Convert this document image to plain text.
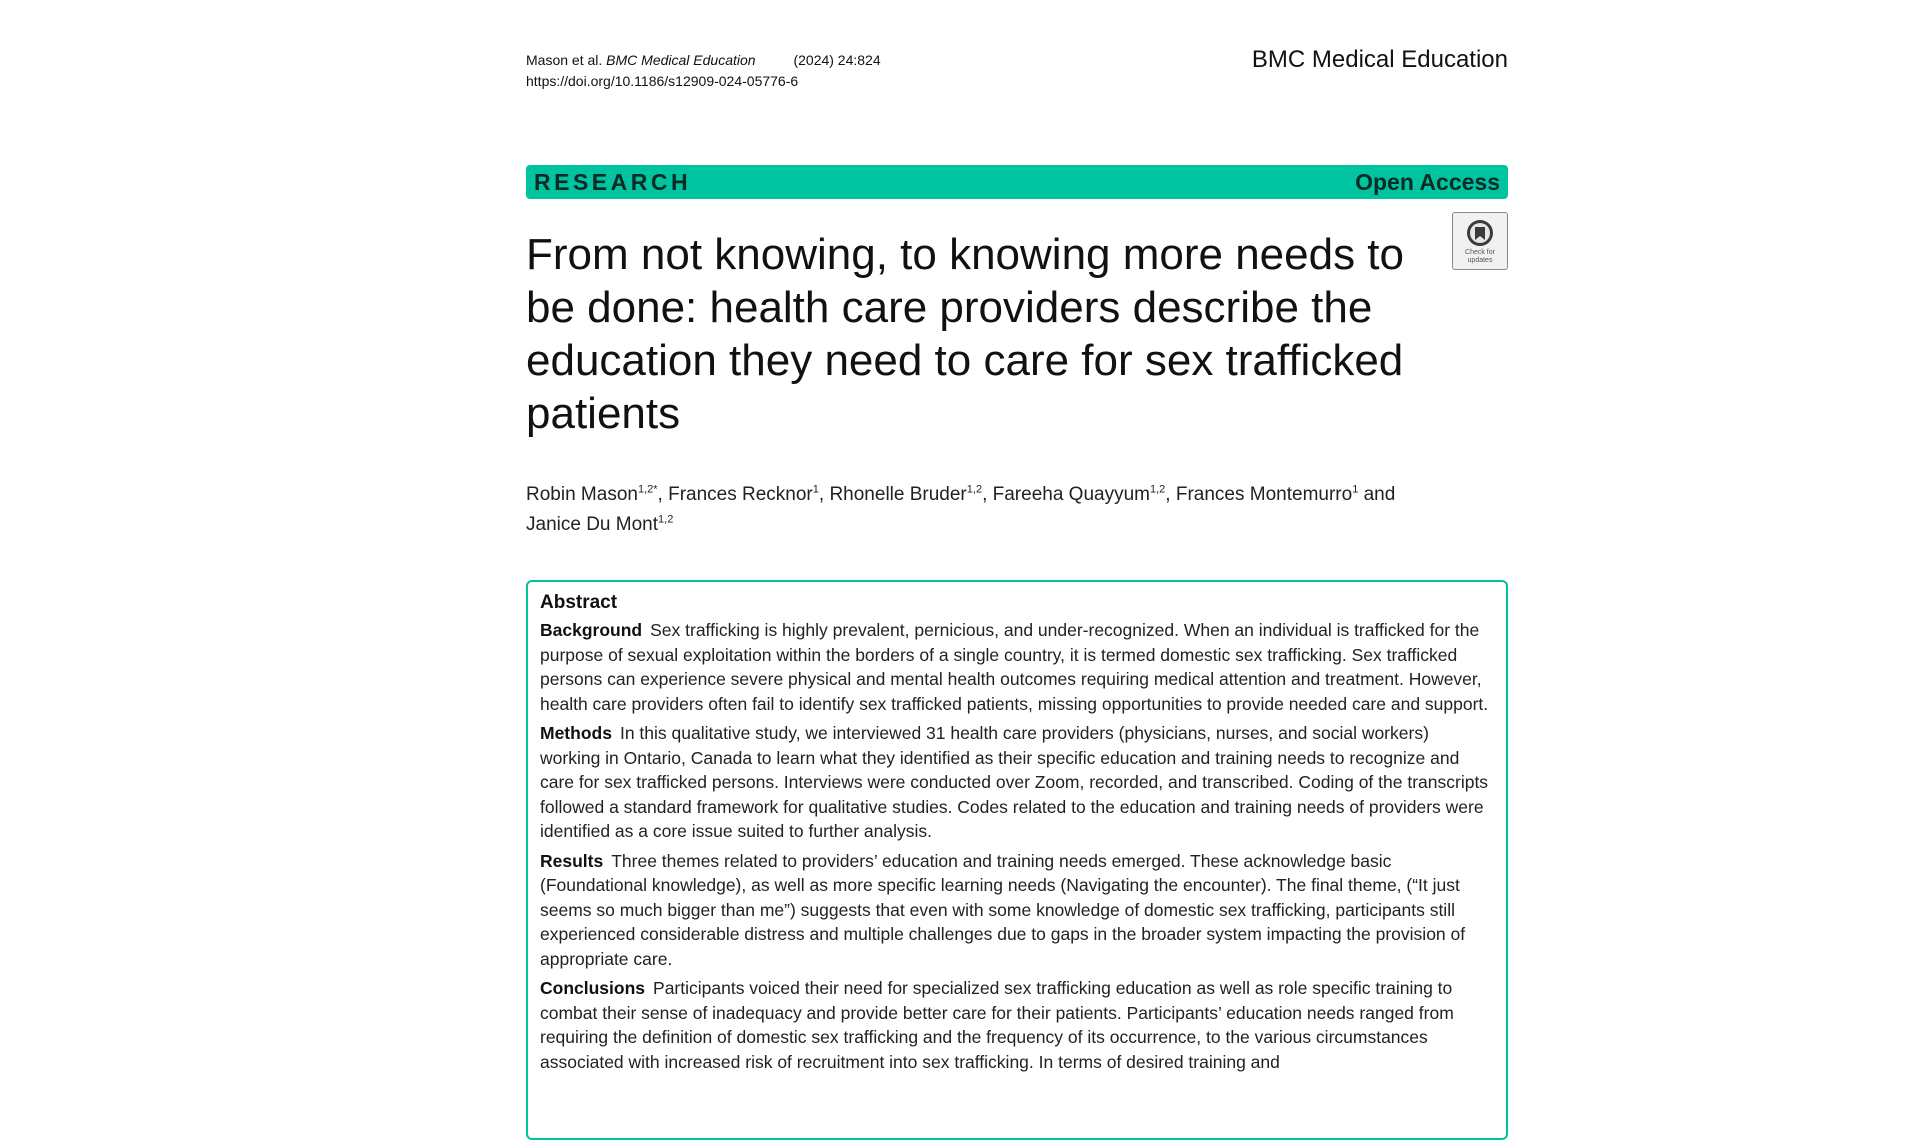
Mason et al. BMC Medical Education	(2024) 24:824
https://doi.org/10.1186/s12909-024-05776-6
BMC Medical Education
RESEARCH	Open Access
Check for
updates
From not knowing, to knowing more needs to be done: health care providers describe the education they need to care for sex trafficked patients
Robin Mason$^{1,2*}$, Frances Recknor$^1$, Rhonelle Bruder$^{1,2}$, Fareeha Quayyum$^{1,2}$, Frances Montemurro$^1$ and Janice Du Mont$^{1,2}$
Abstract

Background Sex trafficking is highly prevalent, pernicious, and under-recognized. When an individual is trafficked for the purpose of sexual exploitation within the borders of a single country, it is termed domestic sex trafficking. Sex trafficked persons can experience severe physical and mental health outcomes requiring medical attention and treatment. However, health care providers often fail to identify sex trafficked patients, missing opportunities to provide needed care and support.

Methods In this qualitative study, we interviewed 31 health care providers (physicians, nurses, and social workers) working in Ontario, Canada to learn what they identified as their specific education and training needs to recognize and care for sex trafficked persons. Interviews were conducted over Zoom, recorded, and transcribed. Coding of the transcripts followed a standard framework for qualitative studies. Codes related to the education and training needs of providers were identified as a core issue suited to further analysis.

Results Three themes related to providers’ education and training needs emerged. These acknowledge basic (Foundational knowledge), as well as more specific learning needs (Navigating the encounter). The final theme, (“It just seems so much bigger than me”) suggests that even with some knowledge of domestic sex trafficking, participants still experienced considerable distress and multiple challenges due to gaps in the broader system impacting the provision of appropriate care.

Conclusions Participants voiced their need for specialized sex trafficking education as well as role specific training to combat their sense of inadequacy and provide better care for their patients. Participants’ education needs ranged from requiring the definition of domestic sex trafficking and the frequency of its occurrence, to the various circumstances associated with increased risk of recruitment into sex trafficking. In terms of desired training and
